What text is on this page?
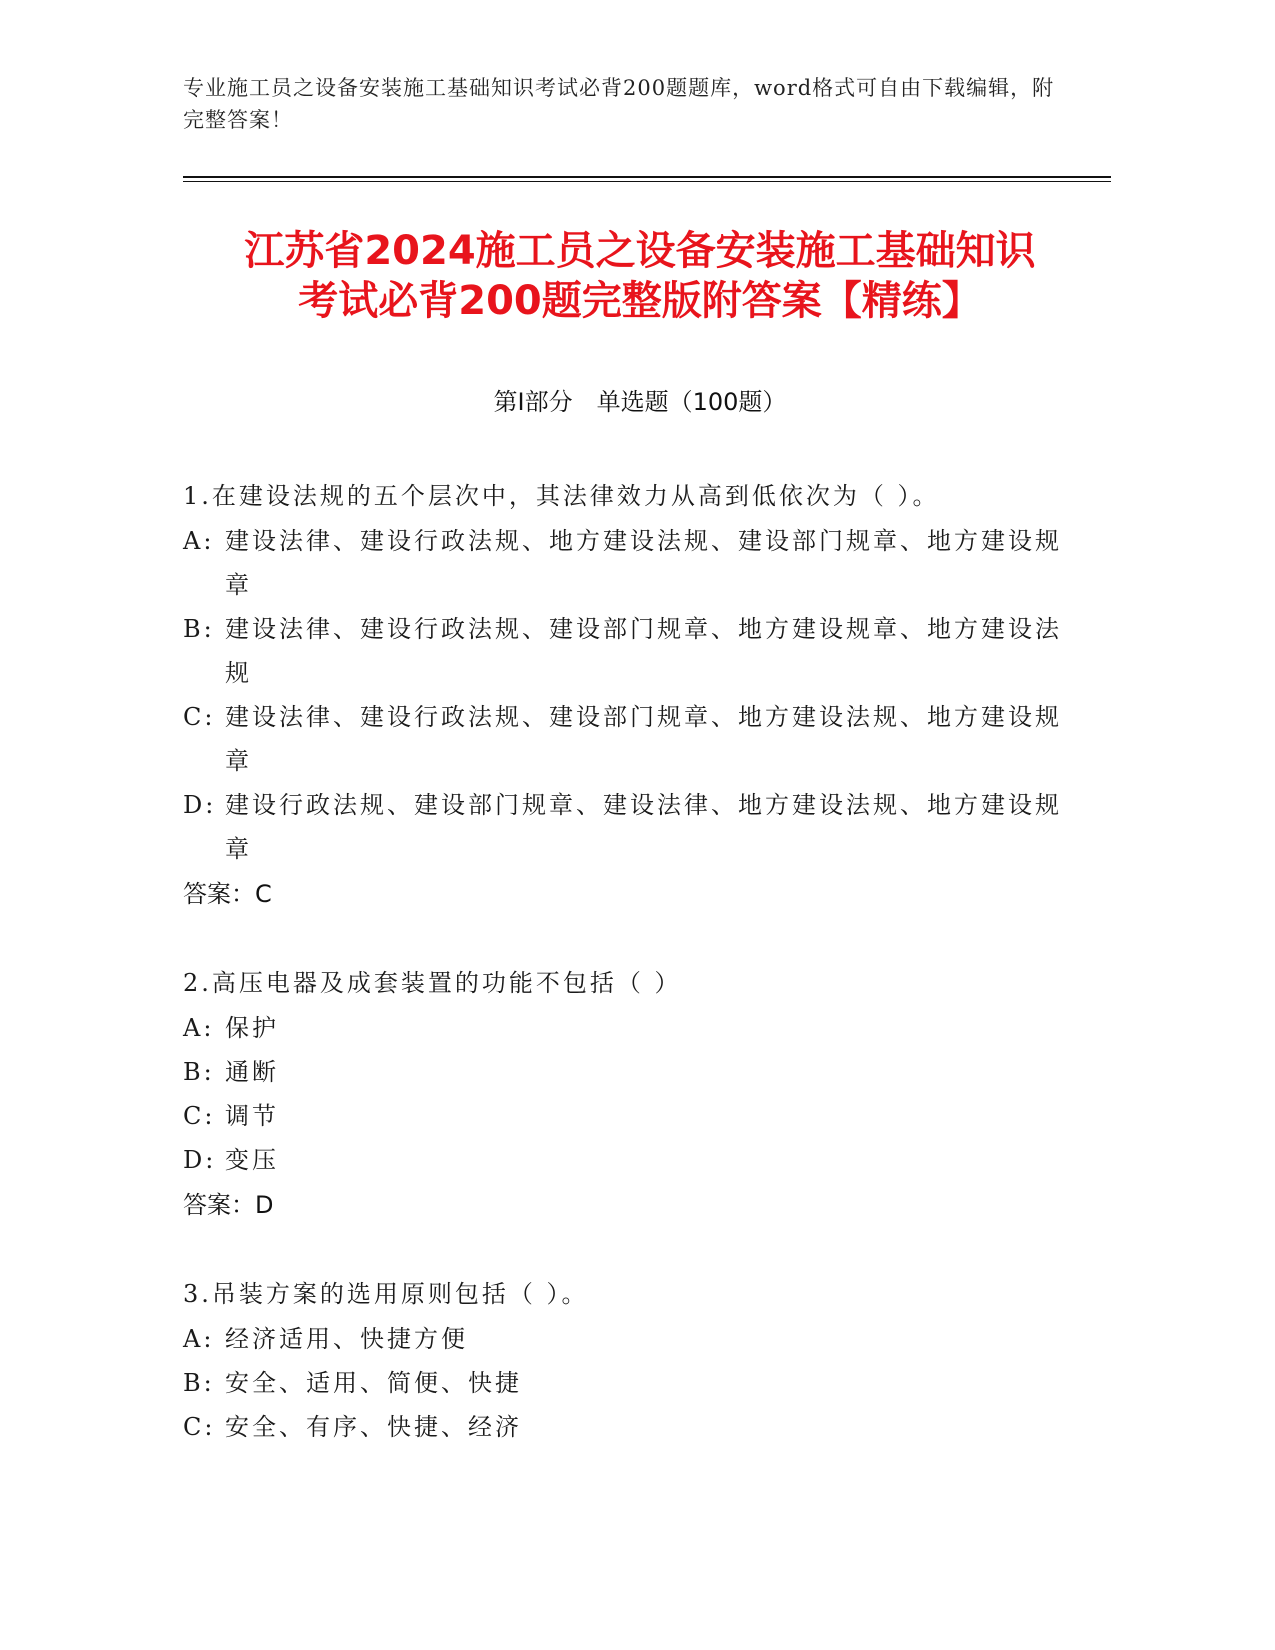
专业施工员之设备安装施工基础知识考试必背200题题库，word格式可自由下载编辑，附完整答案！
江苏省2024施工员之设备安装施工基础知识
考试必背200题完整版附答案【精练】
第I部分　单选题（100题）
1.在建设法规的五个层次中，其法律效力从高到低依次为（ ）。
A: 建设法律、建设行政法规、地方建设法规、建设部门规章、地方建设规章
B: 建设法律、建设行政法规、建设部门规章、地方建设规章、地方建设法规
C: 建设法律、建设行政法规、建设部门规章、地方建设法规、地方建设规章
D: 建设行政法规、建设部门规章、建设法律、地方建设法规、地方建设规章
答案：C
2.高压电器及成套装置的功能不包括（ ）
A: 保护
B: 通断
C: 调节
D: 变压
答案：D
3.吊装方案的选用原则包括（ ）。
A: 经济适用、快捷方便
B: 安全、适用、简便、快捷
C: 安全、有序、快捷、经济
